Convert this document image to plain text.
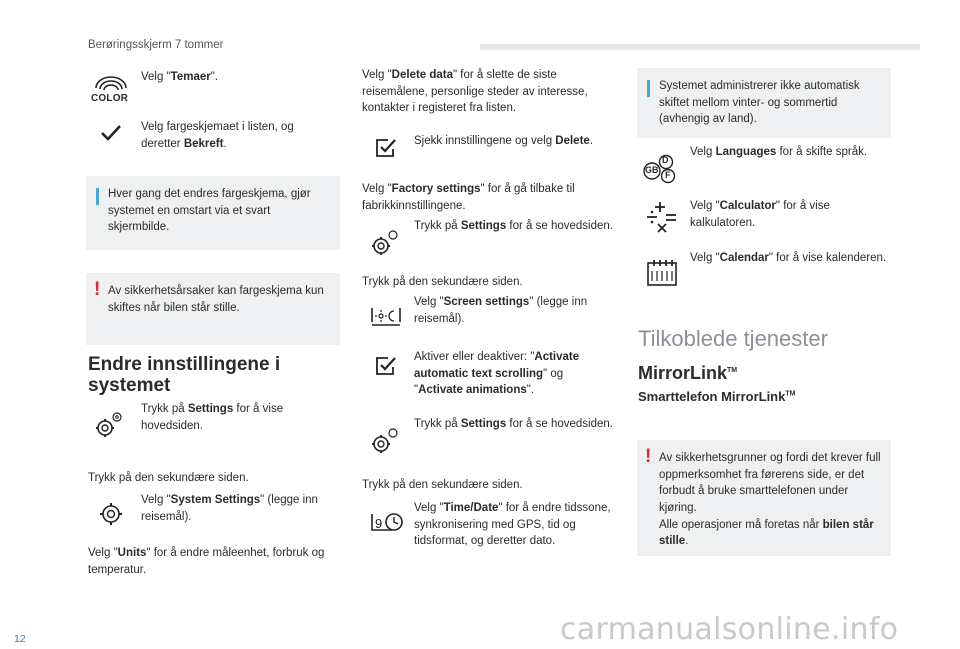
Berøringsskjerm 7 tommer
COLOR
Velg "Temaer".
Velg fargeskjemaet i listen, og deretter Bekreft.
Hver gang det endres fargeskjema, gjør systemet en omstart via et svart skjermbilde.
! Av sikkerhetsårsaker kan fargeskjema kun skiftes når bilen står stille.
Endre innstillingene i systemet
Trykk på Settings for å vise hovedsiden.
Trykk på den sekundære siden.
Velg "System Settings" (legge inn reisemål).
Velg "Units" for å endre måleenhet, forbruk og temperatur.
Velg "Delete data" for å slette de siste reisemålene, personlige steder av interesse, kontakter i registeret fra listen.
Sjekk innstillingene og velg Delete.
Velg "Factory settings" for å gå tilbake til fabrikkinnstillingene.
Trykk på Settings for å se hovedsiden.
Trykk på den sekundære siden.
Velg "Screen settings" (legge inn reisemål).
Aktiver eller deaktiver: "Activate automatic text scrolling" og "Activate animations".
Trykk på Settings for å se hovedsiden.
Trykk på den sekundære siden.
9
Velg "Time/Date" for å endre tidssone, synkronisering med GPS, tid og tidsformat, og deretter dato.
Systemet administrerer ikke automatisk skiftet mellom vinter- og sommertid (avhengig av land).
D
GB F
Velg Languages for å skifte språk.
Velg "Calculator" for å vise kalkulatoren.
Velg "Calendar" for å vise kalenderen.
Tilkoblede tjenester
MirrorLink™
Smarttelefon MirrorLink™
! Av sikkerhetsgrunner og fordi det krever full oppmerksomhet fra førerens side, er det forbudt å bruke smarttelefonen under kjøring.
Alle operasjoner må foretas når bilen står stille.
12	carmanualsonline.info
